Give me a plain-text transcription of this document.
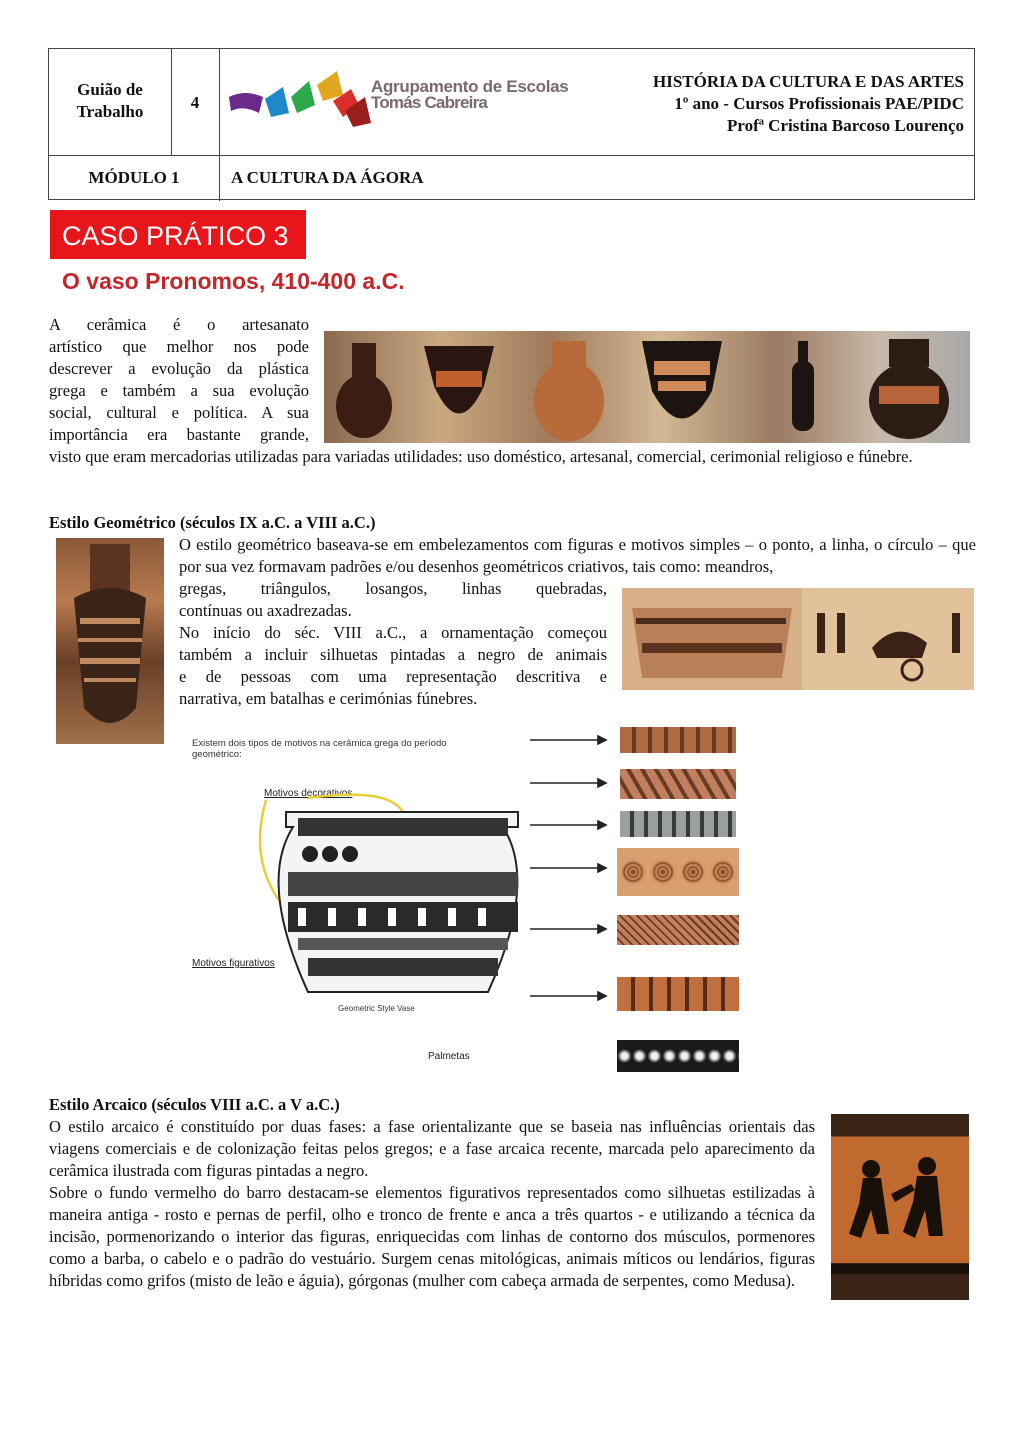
Guião de Trabalho	4
Agrupamento de Escolas
Tomás Cabreira
HISTÓRIA DA CULTURA E DAS ARTES
1º ano - Cursos Profissionais PAE/PIDC
Profª Cristina Barcoso Lourenço
MÓDULO 1	A CULTURA DA ÁGORA
CASO PRÁTICO 3
O vaso Pronomos, 410-400 a.C.
A cerâmica é o artesanato
artístico que melhor nos pode
descrever a evolução da plástica
grega e também a sua evolução
social, cultural e política. A sua
importância era bastante grande,
visto que eram mercadorias utilizadas para variadas utilidades: uso doméstico, artesanal, comercial, cerimonial religioso e fúnebre.
Estilo Geométrico (séculos IX a.C. a VIII a.C.)
O estilo geométrico baseava-se em embelezamentos com figuras e motivos simples – o ponto, a linha, o círculo – que por sua vez formavam padrões e/ou desenhos geométricos criativos, tais como: meandros,
gregas, triângulos, losangos, linhas quebradas,
contínuas ou axadrezadas.
No início do séc. VIII a.C., a ornamentação começou
também a incluir silhuetas pintadas a negro de animais
e de pessoas com uma representação descritiva e
narrativa, em batalhas e cerimónias fúnebres.
Existem dois tipos de motivos na cerâmica grega do período
geométrico:
Motivos decorativos
Motivos figurativos
Geometric Style Vase
Palmetas
Estilo Arcaico (séculos VIII a.C. a V a.C.)
O estilo arcaico é constituído por duas fases: a fase orientalizante que se baseia nas influências orientais das viagens comerciais e de colonização feitas pelos gregos; e a fase arcaica recente, marcada pelo aparecimento da cerâmica ilustrada com figuras pintadas a negro.
Sobre o fundo vermelho do barro destacam-se elementos figurativos representados como silhuetas estilizadas à maneira antiga - rosto e pernas de perfil, olho e tronco de frente e anca a três quartos - e utilizando a técnica da incisão, pormenorizando o interior das figuras, enriquecidas com linhas de contorno dos músculos, pormenores como a barba, o cabelo e o padrão do vestuário. Surgem cenas mitológicas, animais míticos ou lendários, figuras híbridas como grifos (misto de leão e águia), górgonas (mulher com cabeça armada de serpentes, como Medusa).
